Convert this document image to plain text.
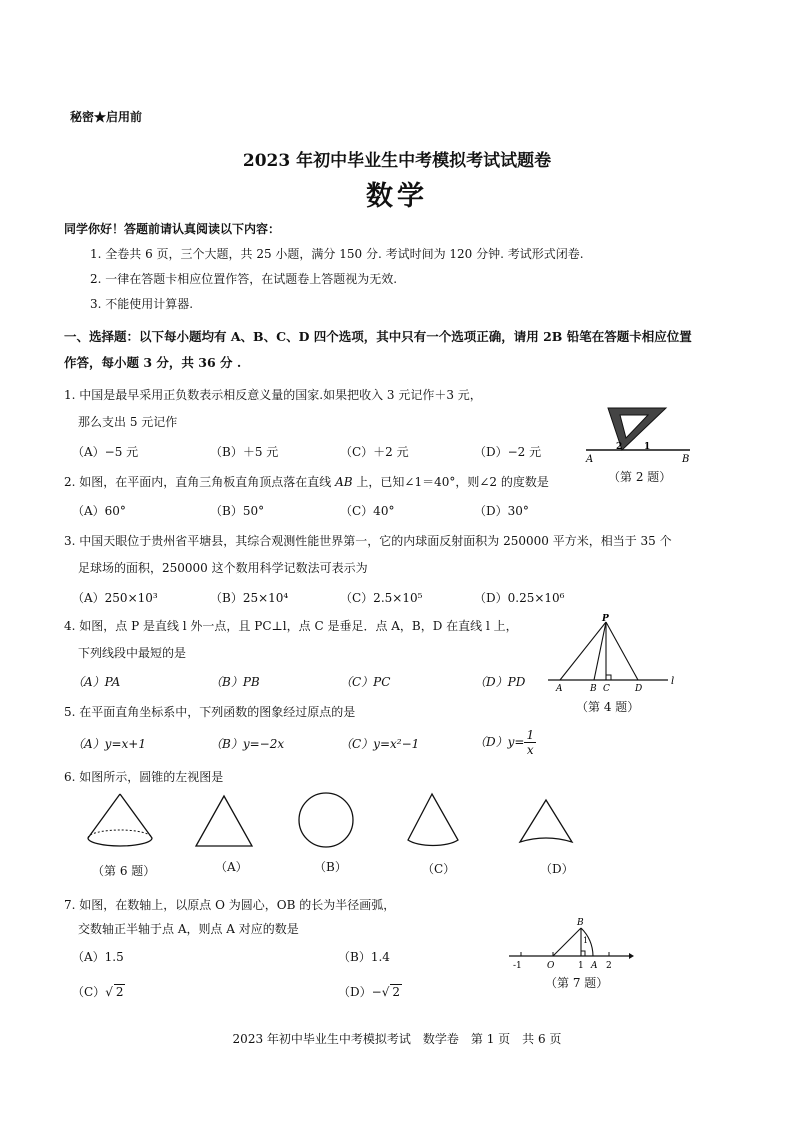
秘密★启用前
2023 年初中毕业生中考模拟考试试题卷
数学
同学你好！答题前请认真阅读以下内容：
1. 全卷共 6 页，三个大题，共 25 小题，满分 150 分. 考试时间为 120 分钟. 考试形式闭卷.
2. 一律在答题卡相应位置作答，在试题卷上答题视为无效.
3. 不能使用计算器.
一、选择题：以下每小题均有 A、B、C、D 四个选项，其中只有一个选项正确，请用 2B 铅笔在答题卡相应位置
作答，每小题 3 分，共 36 分 .
1. 中国是最早采用正负数表示相反意义量的国家.如果把收入 3 元记作＋3 元，
那么支出 5 元记作
（A）−5 元	（B）＋5 元	（C）＋2 元	（D）−2 元
A	B
2 1
（第 2 题）
2. 如图，在平面内，直角三角板直角顶点落在直线 AB 上，已知∠1＝40°，则∠2 的度数是
（A）60°	（B）50°	（C）40°	（D）30°
3. 中国天眼位于贵州省平塘县，其综合观测性能世界第一，它的内球面反射面积为 250000 平方米，相当于 35 个
足球场的面积，250000 这个数用科学记数法可表示为
（A）250×10³	（B）25×10⁴	（C）2.5×10⁵	（D）0.25×10⁶
4. 如图，点 P 是直线 l 外一点，且 PC⊥l，点 C 是垂足．点 A，B，D 在直线 l 上，
下列线段中最短的是
（A）PA	（B）PB	（C）PC	（D）PD
P
A	B C	D
l
（第 4 题）
5. 在平面直角坐标系中，下列函数的图象经过原点的是
（A）y=x+1	（B）y=−2x	（C）y=x²−1	$(D)y= \frac{1}{x}$
6. 如图所示，圆锥的左视图是
（第 6 题）	（A）	（B）	（C）	（D）
7. 如图，在数轴上，以原点 O 为圆心，OB 的长为半径画弧，
交数轴正半轴于点 A，则点 A 对应的数是
（A）1.5	（B）1.4
（C）√ 2	（D）−√ 2
-1	O	1 A 2
B
1
（第 7 题）
2023 年初中毕业生中考模拟考试　数学卷　第 1 页　共 6 页
